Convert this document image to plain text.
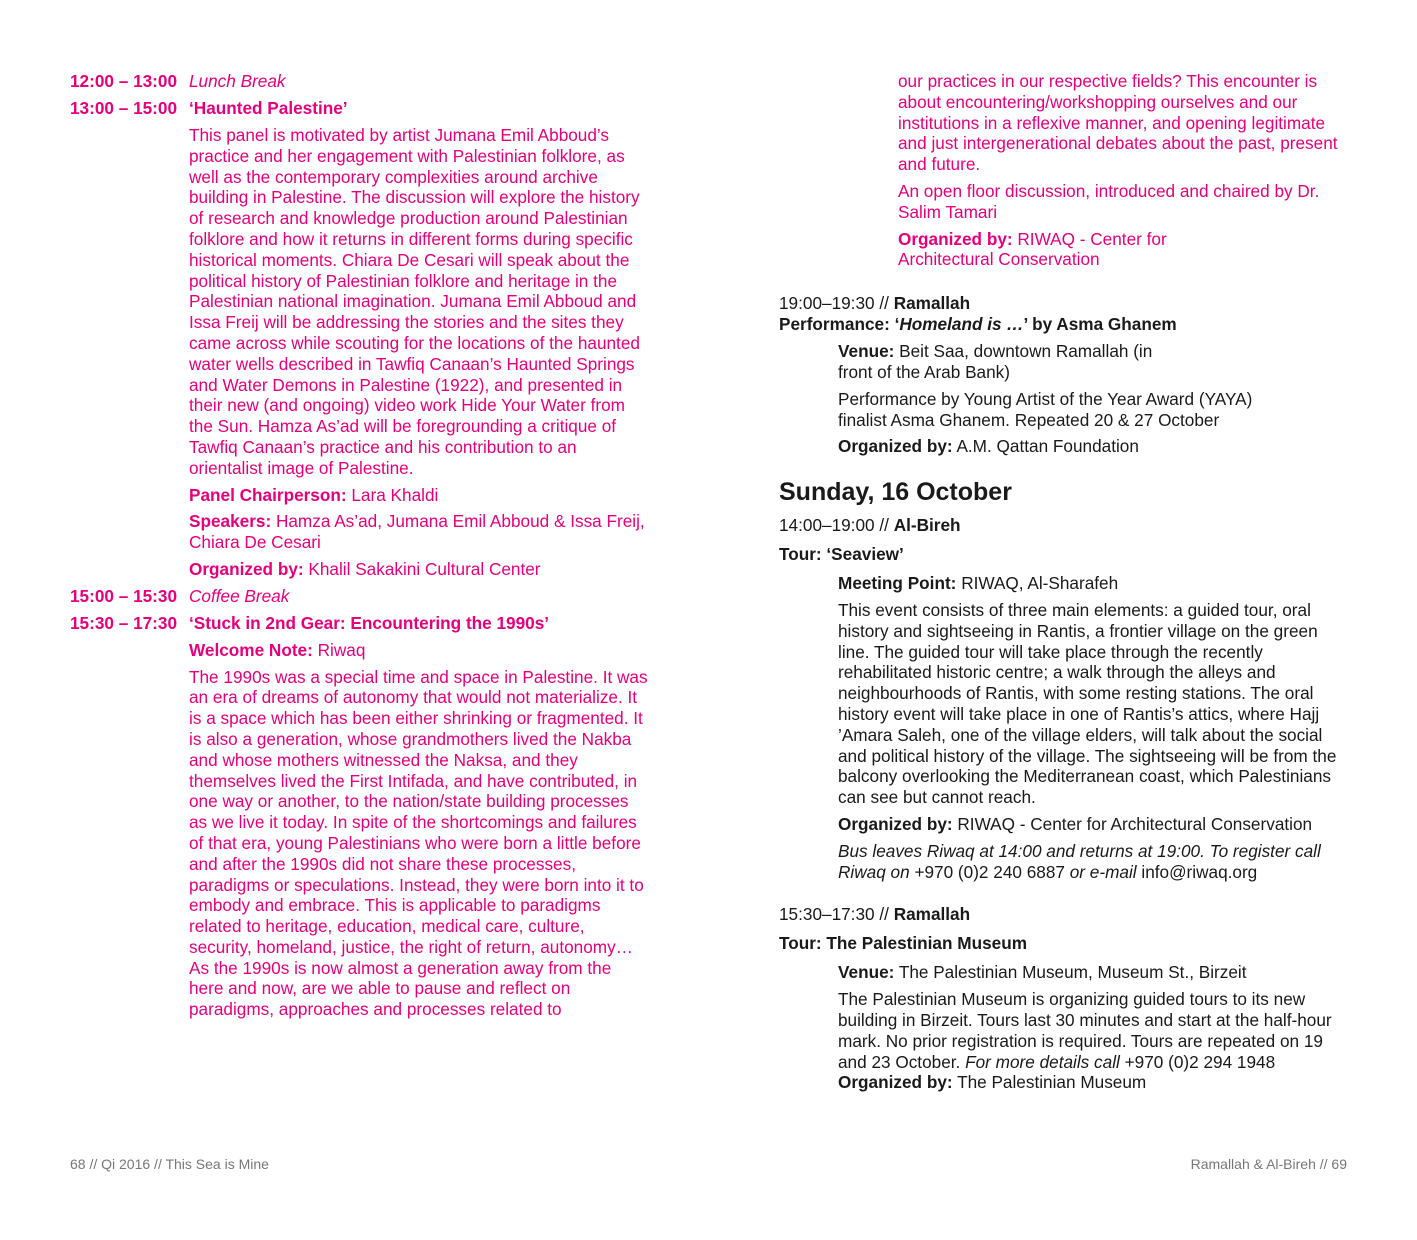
12:00 – 13:00 Lunch Break
13:00 – 15:00 ‘Haunted Palestine’

This panel is motivated by artist Jumana Emil Abboud’s practice and her engagement with Palestinian folklore, as well as the contemporary complexities around archive building in Palestine. The discussion will explore the history of research and knowledge production around Palestinian folklore and how it returns in different forms during specific historical moments. Chiara De Cesari will speak about the political history of Palestinian folklore and heritage in the Palestinian national imagination. Jumana Emil Abboud and Issa Freij will be addressing the stories and the sites they came across while scouting for the locations of the haunted water wells described in Tawfiq Canaan’s Haunted Springs and Water Demons in Palestine (1922), and presented in their new (and ongoing) video work Hide Your Water from the Sun. Hamza As’ad will be foregrounding a critique of Tawfiq Canaan’s practice and his contribution to an orientalist image of Palestine.

Panel Chairperson: Lara Khaldi

Speakers: Hamza As’ad, Jumana Emil Abboud & Issa Freij, Chiara De Cesari

Organized by: Khalil Sakakini Cultural Center

15:00 – 15:30 Coffee Break
15:30 – 17:30 ‘Stuck in 2nd Gear: Encountering the 1990s’

Welcome Note: Riwaq

The 1990s was a special time and space in Palestine. It was an era of dreams of autonomy that would not materialize. It is a space which has been either shrinking or fragmented. It is also a generation, whose grandmothers lived the Nakba and whose mothers witnessed the Naksa, and they themselves lived the First Intifada, and have contributed, in one way or another, to the nation/state building processes as we live it today. In spite of the shortcomings and failures of that era, young Palestinians who were born a little before and after the 1990s did not share these processes, paradigms or speculations. Instead, they were born into it to embody and embrace. This is applicable to paradigms related to heritage, education, medical care, culture, security, homeland, justice, the right of return, autonomy… As the 1990s is now almost a generation away from the here and now, are we able to pause and reflect on paradigms, approaches and processes related to

our practices in our respective fields? This encounter is about encountering/workshopping ourselves and our institutions in a reflexive manner, and opening legitimate and just intergenerational debates about the past, present and future.

An open floor discussion, introduced and chaired by Dr. Salim Tamari

Organized by: RIWAQ - Center for Architectural Conservation

19:00–19:30 // Ramallah

Performance: ‘Homeland is …’ by Asma Ghanem

Venue: Beit Saa, downtown Ramallah (in front of the Arab Bank)

Performance by Young Artist of the Year Award (YAYA) finalist Asma Ghanem. Repeated 20 & 27 October

Organized by: A.M. Qattan Foundation

Sunday, 16 October

14:00–19:00 // Al-Bireh

Tour: ‘Seaview’

Meeting Point: RIWAQ, Al-Sharafeh

This event consists of three main elements: a guided tour, oral history and sightseeing in Rantis, a frontier village on the green line. The guided tour will take place through the recently rehabilitated historic centre; a walk through the alleys and neighbourhoods of Rantis, with some resting stations. The oral history event will take place in one of Rantis’s attics, where Hajj ’Amara Saleh, one of the village elders, will talk about the social and political history of the village. The sightseeing will be from the balcony overlooking the Mediterranean coast, which Palestinians can see but cannot reach.

Organized by: RIWAQ - Center for Architectural Conservation

Bus leaves Riwaq at 14:00 and returns at 19:00. To register call Riwaq on +970 (0)2 240 6887 or e-mail info@riwaq.org

15:30–17:30 // Ramallah

Tour: The Palestinian Museum

Venue: The Palestinian Museum, Museum St., Birzeit

The Palestinian Museum is organizing guided tours to its new building in Birzeit. Tours last 30 minutes and start at the half-hour mark. No prior registration is required. Tours are repeated on 19 and 23 October. For more details call +970 (0)2 294 1948

Organized by: The Palestinian Museum

68 // Qi 2016 // This Sea is Mine	Ramallah & Al-Bireh // 69
